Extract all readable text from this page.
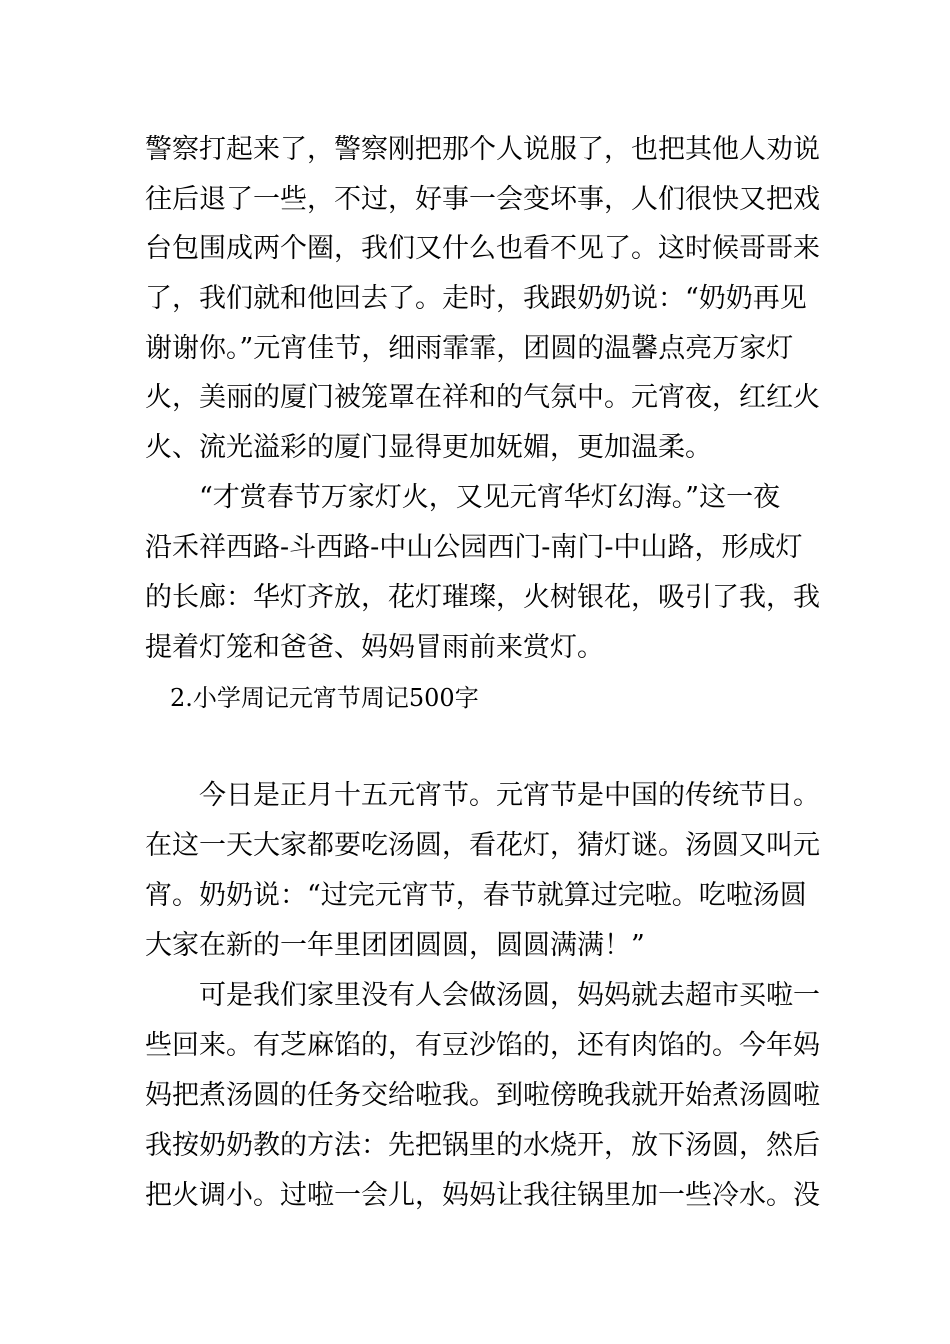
警察打起来了，警察刚把那个人说服了，也把其他人劝说
往后退了一些，不过，好事一会变坏事，人们很快又把戏
台包围成两个圈，我们又什么也看不见了。这时候哥哥来
了，我们就和他回去了。走时，我跟奶奶说：“奶奶再见
谢谢你。”元宵佳节，细雨霏霏，团圆的温馨点亮万家灯
火，美丽的厦门被笼罩在祥和的气氛中。元宵夜，红红火
火、流光溢彩的厦门显得更加妩媚，更加温柔。
　　“才赏春节万家灯火，又见元宵华灯幻海。”这一夜
沿禾祥西路-斗西路-中山公园西门-南门-中山路，形成灯
的长廊：华灯齐放，花灯璀璨，火树银花，吸引了我，我
提着灯笼和爸爸、妈妈冒雨前来赏灯。
2.小学周记元宵节周记500字
　　今日是正月十五元宵节。元宵节是中国的传统节日。
在这一天大家都要吃汤圆，看花灯，猜灯谜。汤圆又叫元
宵。奶奶说：“过完元宵节，春节就算过完啦。吃啦汤圆
大家在新的一年里团团圆圆，圆圆满满！”
　　可是我们家里没有人会做汤圆，妈妈就去超市买啦一
些回来。有芝麻馅的，有豆沙馅的，还有肉馅的。今年妈
妈把煮汤圆的任务交给啦我。到啦傍晚我就开始煮汤圆啦
我按奶奶教的方法：先把锅里的水烧开，放下汤圆，然后
把火调小。过啦一会儿，妈妈让我往锅里加一些冷水。没
